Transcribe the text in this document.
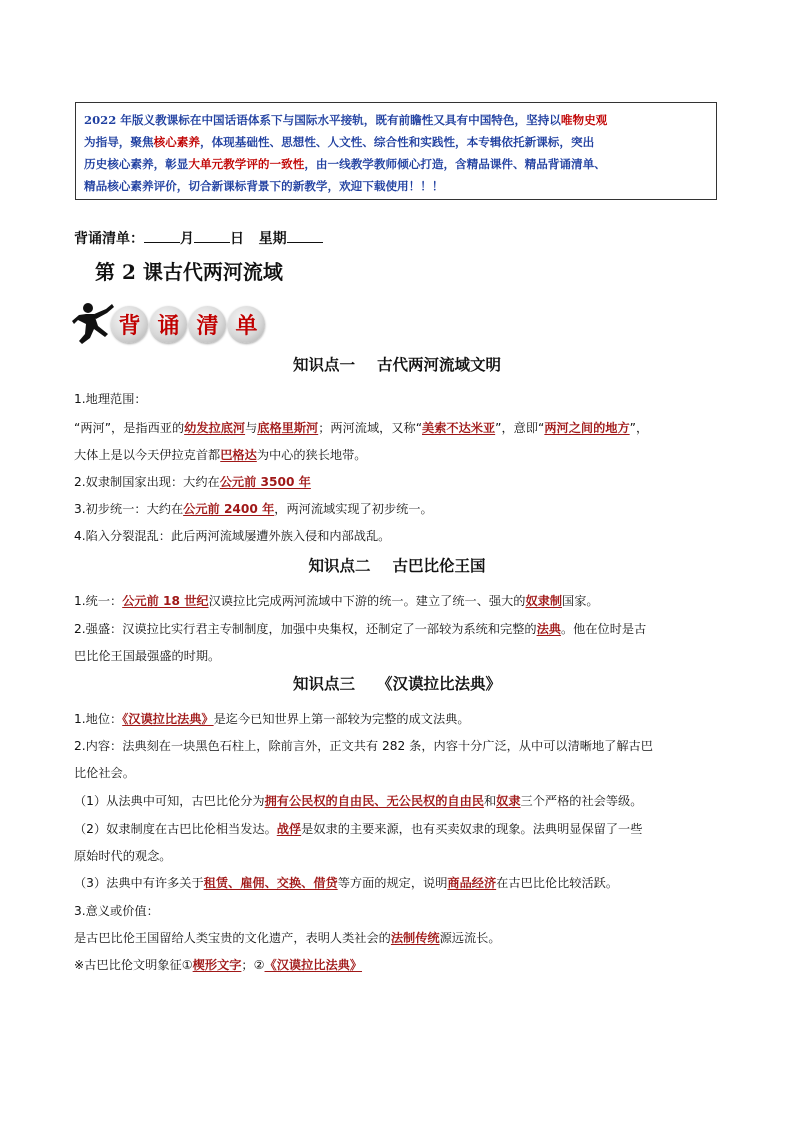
2022 年版义教课标在中国话语体系下与国际水平接轨，既有前瞻性又具有中国特色，坚持以唯物史观
为指导，聚焦核心素养，体现基础性、思想性、人文性、综合性和实践性，本专辑依托新课标，突出
历史核心素养，彰显大单元教学评的一致性，由一线教学教师倾心打造，含精品课件、精品背诵清单、
精品核心素养评价，切合新课标背景下的新教学，欢迎下载使用！！！
背诵清单：	月	日 星期
第 2 课古代两河流域
背 诵 清 单
知识点一 古代两河流域文明
1.地理范围：
“两河”，是指西亚的幼发拉底河与底格里斯河；两河流域，又称“美索不达米亚”，意即“两河之间的地方”，
大体上是以今天伊拉克首都巴格达为中心的狭长地带。
2.奴隶制国家出现：大约在公元前 3500 年
3.初步统一：大约在公元前 2400 年，两河流域实现了初步统一。
4.陷入分裂混乱：此后两河流域屡遭外族入侵和内部战乱。
知识点二 古巴比伦王国
1.统一：公元前 18 世纪汉谟拉比完成两河流域中下游的统一。建立了统一、强大的奴隶制国家。
2.强盛：汉谟拉比实行君主专制制度，加强中央集权，还制定了一部较为系统和完整的法典。他在位时是古
巴比伦王国最强盛的时期。
知识点三 《汉谟拉比法典》
1.地位：《汉谟拉比法典》是迄今已知世界上第一部较为完整的成文法典。
2.内容：法典刻在一块黑色石柱上，除前言外，正文共有 282 条，内容十分广泛，从中可以清晰地了解古巴
比伦社会。
（1）从法典中可知，古巴比伦分为拥有公民权的自由民、无公民权的自由民和奴隶三个严格的社会等级。
（2）奴隶制度在古巴比伦相当发达。战俘是奴隶的主要来源，也有买卖奴隶的现象。法典明显保留了一些
原始时代的观念。
（3）法典中有许多关于租赁、雇佣、交换、借贷等方面的规定，说明商品经济在古巴比伦比较活跃。
3.意义或价值：
是古巴比伦王国留给人类宝贵的文化遗产，表明人类社会的法制传统源远流长。
※古巴比伦文明象征①楔形文字；②《汉谟拉比法典》
